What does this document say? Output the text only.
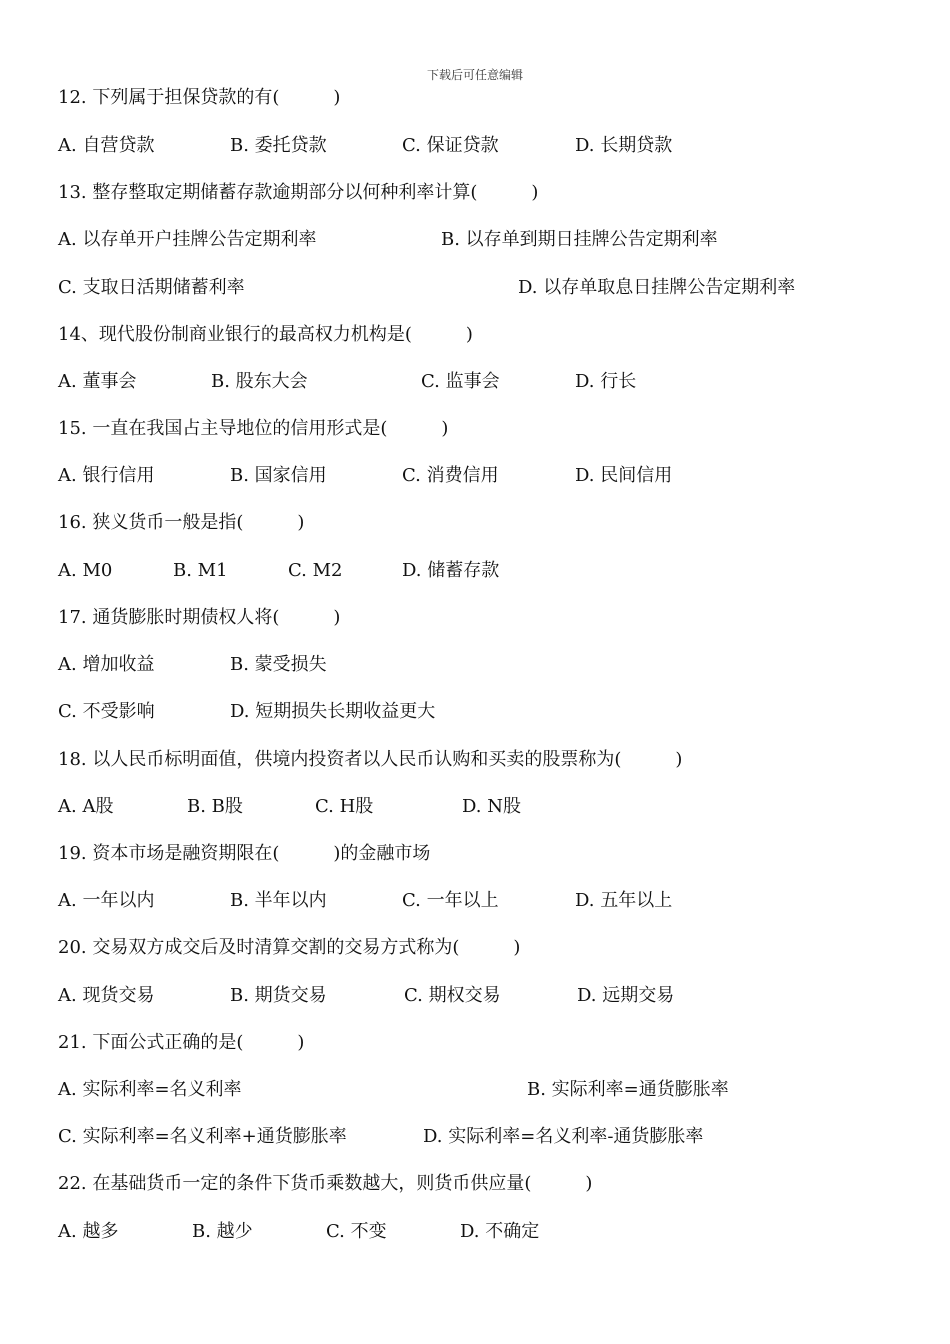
下载后可任意编辑
12. 下列属于担保贷款的有(　　　)
A. 自营贷款	B. 委托贷款	C. 保证贷款	D. 长期贷款
13. 整存整取定期储蓄存款逾期部分以何种利率计算(　　　)
A. 以存单开户挂牌公告定期利率	B. 以存单到期日挂牌公告定期利率
C. 支取日活期储蓄利率	D. 以存单取息日挂牌公告定期利率
14、现代股份制商业银行的最高权力机构是(　　　)
A. 董事会	B. 股东大会	C. 监事会	D. 行长
15. 一直在我国占主导地位的信用形式是(　　　)
A. 银行信用	B. 国家信用	C. 消费信用	D. 民间信用
16. 狭义货币一般是指(　　　)
A. M0	B. M1	C. M2	D. 储蓄存款
17. 通货膨胀时期债权人将(　　　)
A. 增加收益	B. 蒙受损失
C. 不受影响	D. 短期损失长期收益更大
18. 以人民币标明面值，供境内投资者以人民币认购和买卖的股票称为(　　　)
A. A股	B. B股	C. H股	D. N股
19. 资本市场是融资期限在(　　　)的金融市场
A. 一年以内	B. 半年以内	C. 一年以上	D. 五年以上
20. 交易双方成交后及时清算交割的交易方式称为(　　　)
A. 现货交易	B. 期货交易	C. 期权交易	D. 远期交易
21. 下面公式正确的是(　　　)
A. 实际利率=名义利率	B. 实际利率=通货膨胀率
C. 实际利率=名义利率+通货膨胀率	D. 实际利率=名义利率-通货膨胀率
22. 在基础货币一定的条件下货币乘数越大，则货币供应量(　　　)
A. 越多	B. 越少	C. 不变	D. 不确定
